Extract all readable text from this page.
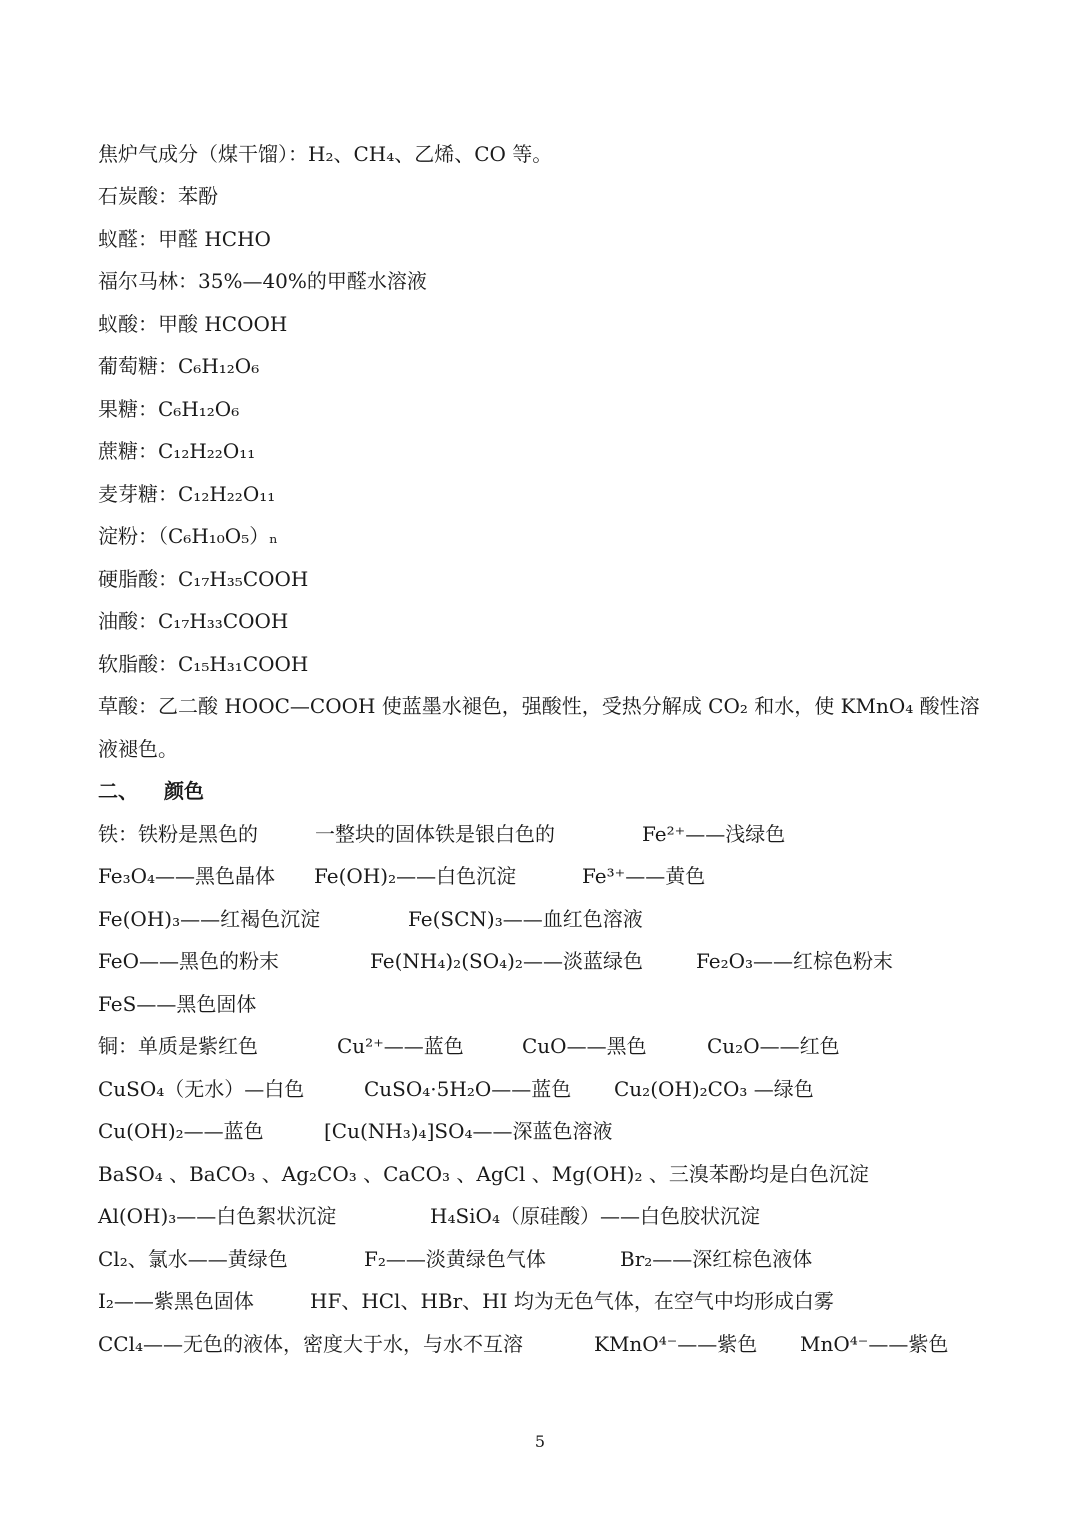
焦炉气成分（煤干馏）：H₂、CH₄、乙烯、CO 等。
石炭酸：苯酚
蚁醛：甲醛 HCHO
福尔马林：35%—40%的甲醛水溶液
蚁酸：甲酸 HCOOH
葡萄糖：C₆H₁₂O₆
果糖：C₆H₁₂O₆
蔗糖：C₁₂H₂₂O₁₁
麦芽糖：C₁₂H₂₂O₁₁
淀粉：（C₆H₁₀O₅）ₙ
硬脂酸：C₁₇H₃₅COOH
油酸：C₁₇H₃₃COOH
软脂酸：C₁₅H₃₁COOH
草酸：乙二酸 HOOC—COOH 使蓝墨水褪色，强酸性，受热分解成 CO₂ 和水，使 KMnO₄ 酸性溶
液褪色。
二、 颜色
铁：铁粉是黑色的	一整块的固体铁是银白色的	Fe²⁺——浅绿色
Fe₃O₄——黑色晶体 Fe(OH)₂——白色沉淀	Fe³⁺——黄色
Fe(OH)₃——红褐色沉淀	Fe(SCN)₃——血红色溶液
FeO——黑色的粉末	Fe(NH₄)₂(SO₄)₂——淡蓝绿色	Fe₂O₃——红棕色粉末
FeS——黑色固体
铜：单质是紫红色	Cu²⁺——蓝色	CuO——黑色	Cu₂O——红色
CuSO₄（无水）—白色	CuSO₄·5H₂O——蓝色 Cu₂(OH)₂CO₃ —绿色
Cu(OH)₂——蓝色	[Cu(NH₃)₄]SO₄——深蓝色溶液
BaSO₄ 、BaCO₃ 、Ag₂CO₃ 、CaCO₃ 、AgCl 、Mg(OH)₂ 、三溴苯酚均是白色沉淀
Al(OH)₃——白色絮状沉淀	H₄SiO₄（原硅酸）——白色胶状沉淀
Cl₂、氯水——黄绿色	F₂——淡黄绿色气体	Br₂——深红棕色液体
I₂——紫黑色固体	HF、HCl、HBr、HI 均为无色气体，在空气中均形成白雾
CCl₄——无色的液体，密度大于水，与水不互溶	KMnO⁴⁻——紫色 MnO⁴⁻——紫色
5
